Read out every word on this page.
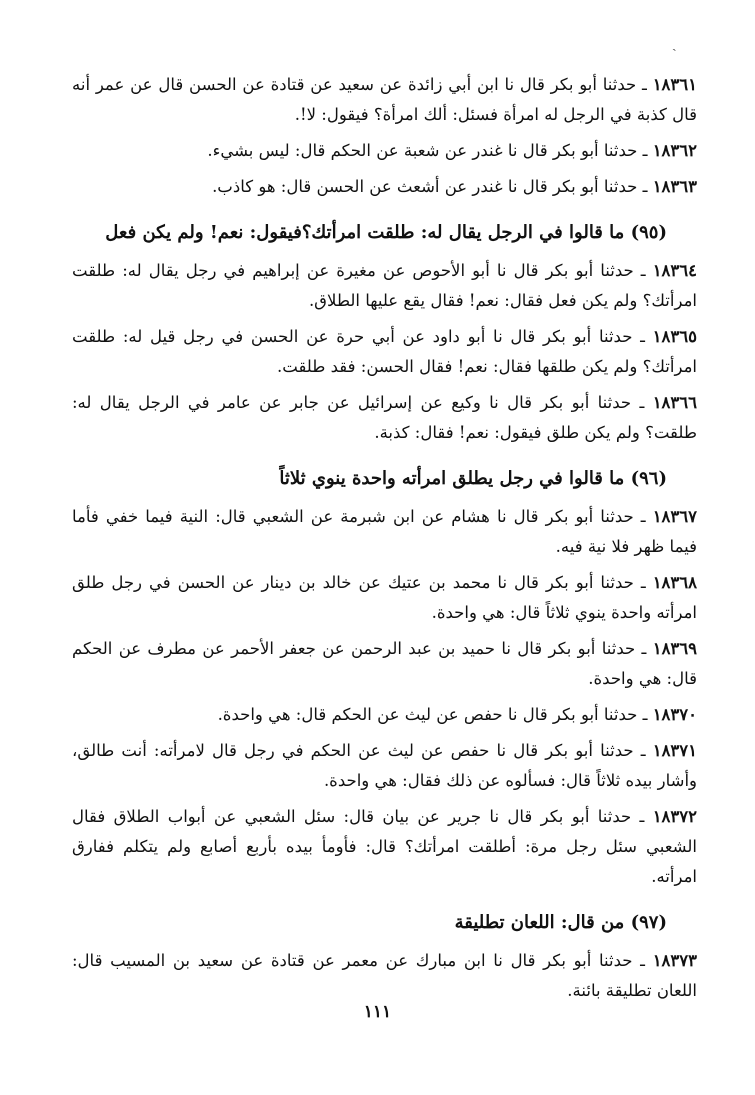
ˏ

١٨٣٦١ ـ حدثنا أبو بكر قال نا ابن أبي زائدة عن سعيد عن قتادة عن الحسن قال عن عمر أنه قال كذبة في الرجل له امرأة فسئل: ألك امرأة؟ فيقول: لا!.

١٨٣٦٢ ـ حدثنا أبو بكر قال نا غندر عن شعبة عن الحكم قال: ليس بشيء.

١٨٣٦٣ ـ حدثنا أبو بكر قال نا غندر عن أشعث عن الحسن قال: هو كاذب.

(٩٥) ما قالوا في الرجل يقال له: طلقت امرأتك؟فيقول: نعم! ولم يكن فعل

١٨٣٦٤ ـ حدثنا أبو بكر قال نا أبو الأحوص عن مغيرة عن إبراهيم في رجل يقال له: طلقت امرأتك؟ ولم يكن فعل فقال: نعم! فقال يقع عليها الطلاق.

١٨٣٦٥ ـ حدثنا أبو بكر قال نا أبو داود عن أبي حرة عن الحسن في رجل قيل له: طلقت امرأتك؟ ولم يكن طلقها فقال: نعم! فقال الحسن: فقد طلقت.

١٨٣٦٦ ـ حدثنا أبو بكر قال نا وكيع عن إسرائيل عن جابر عن عامر في الرجل يقال له: طلقت؟ ولم يكن طلق فيقول: نعم! فقال: كذبة.

(٩٦) ما قالوا في رجل يطلق امرأته واحدة ينوي ثلاثاً

١٨٣٦٧ ـ حدثنا أبو بكر قال نا هشام عن ابن شبرمة عن الشعبي قال: النية فيما خفي فأما فيما ظهر فلا نية فيه.

١٨٣٦٨ ـ حدثنا أبو بكر قال نا محمد بن عتيك عن خالد بن دينار عن الحسن في رجل طلق امرأته واحدة ينوي ثلاثاً قال: هي واحدة.

١٨٣٦٩ ـ حدثنا أبو بكر قال نا حميد بن عبد الرحمن عن جعفر الأحمر عن مطرف عن الحكم قال: هي واحدة.

١٨٣٧٠ ـ حدثنا أبو بكر قال نا حفص عن ليث عن الحكم قال: هي واحدة.

١٨٣٧١ ـ حدثنا أبو بكر قال نا حفص عن ليث عن الحكم في رجل قال لامرأته: أنت طالق، وأشار بيده ثلاثاً قال: فسألوه عن ذلك فقال: هي واحدة.

١٨٣٧٢ ـ حدثنا أبو بكر قال نا جرير عن بيان قال: سئل الشعبي عن أبواب الطلاق فقال الشعبي سئل رجل مرة: أطلقت امرأتك؟ قال: فأومأ بيده بأربع أصابع ولم يتكلم ففارق امرأته.

(٩٧) من قال: اللعان تطليقة

١٨٣٧٣ ـ حدثنا أبو بكر قال نا ابن مبارك عن معمر عن قتادة عن سعيد بن المسيب قال: اللعان تطليقة بائنة.

١١١
